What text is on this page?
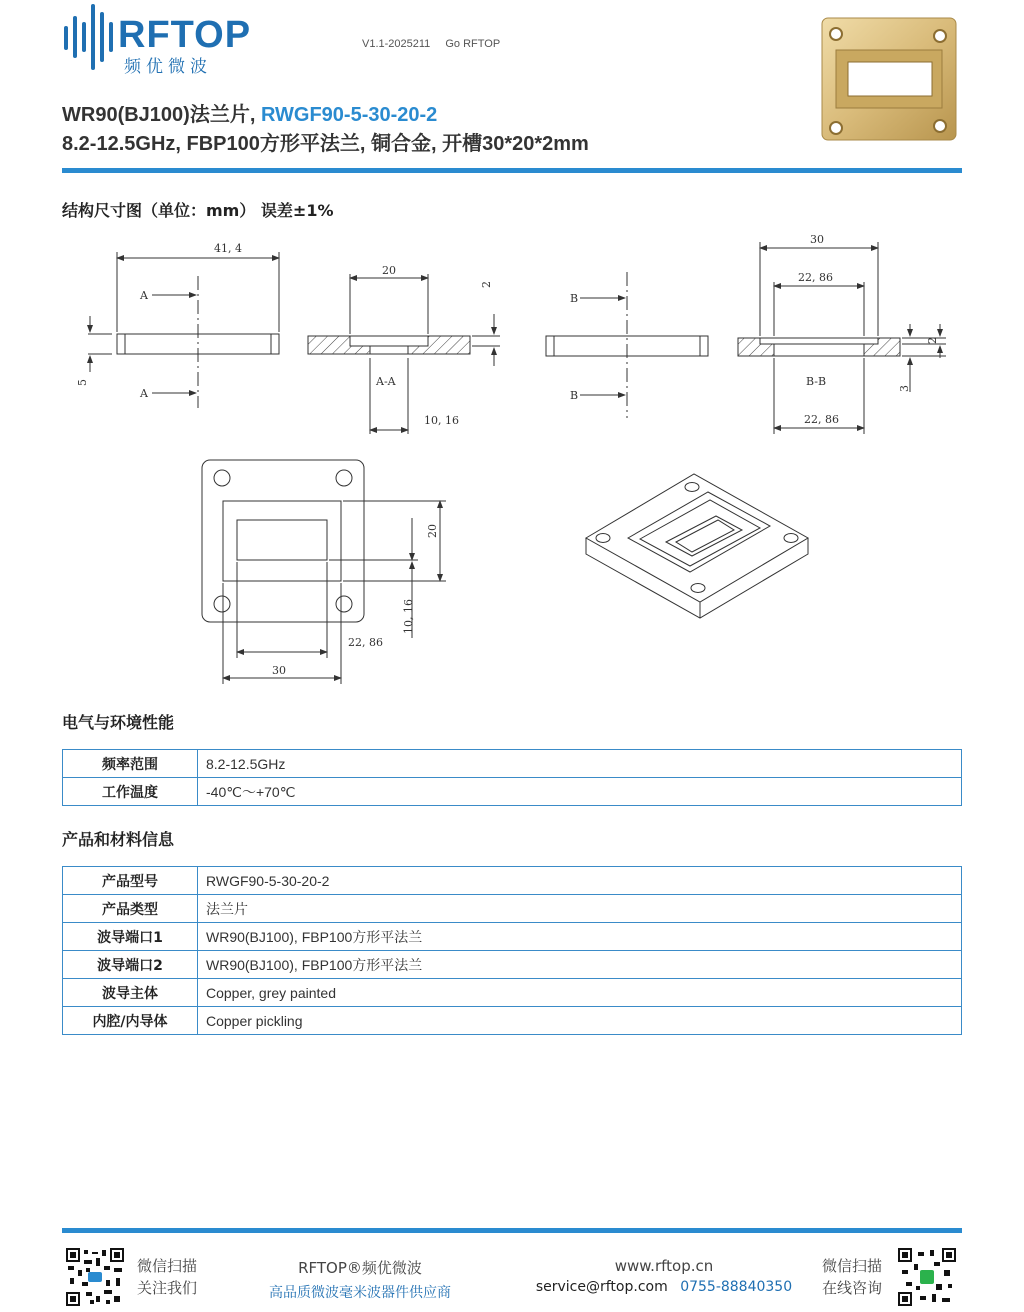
RFTOP
频优微波
V1.1-2025211 Go RFTOP
WR90(BJ100)法兰片, RWGF90-5-30-20-2
8.2-12.5GHz, FBP100方形平法兰, 铜合金, 开槽30*20*2mm
结构尺寸图（单位：mm） 误差±1%
41, 4
5
A
A
20
2
A-A
10, 16
B
B
30
22, 86
B-B
22, 86
2
3
20
10, 16
22, 86
30
电气与环境性能
频率范围	8.2-12.5GHz
工作温度	-40℃～+70℃
产品和材料信息
产品型号	RWGF90-5-30-20-2
产品类型	法兰片
波导端口1	WR90(BJ100), FBP100方形平法兰
波导端口2	WR90(BJ100), FBP100方形平法兰
波导主体	Copper, grey painted
内腔/内导体	Copper pickling
微信扫描
关注我们
RFTOP®频优微波
高品质微波毫米波器件供应商
www.rftop.cn
service@rftop.com 0755-88840350
微信扫描
在线咨询
